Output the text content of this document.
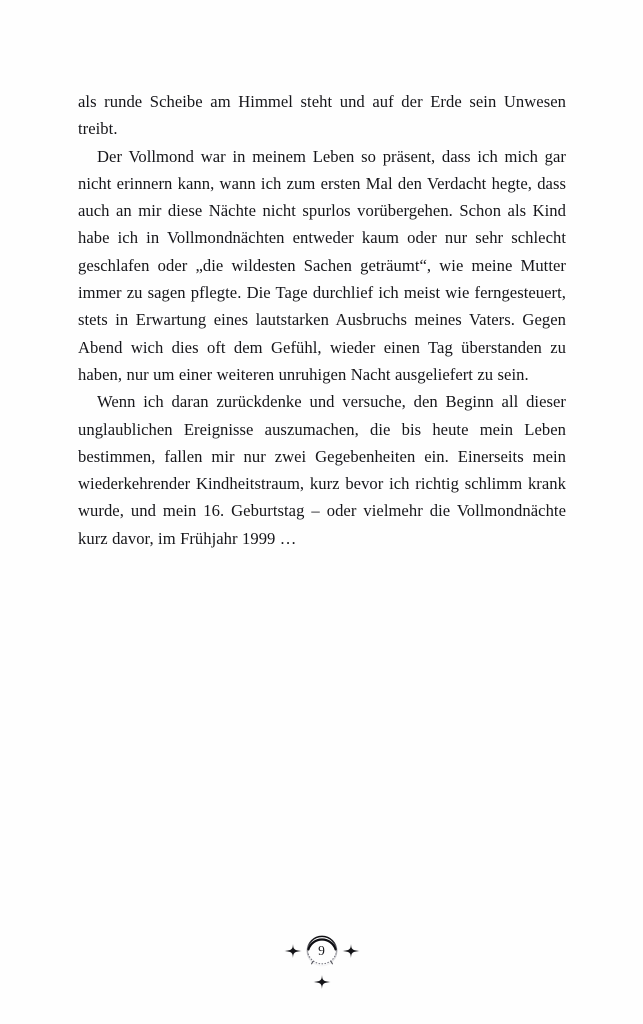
als runde Scheibe am Himmel steht und auf der Erde sein Unwesen treibt.

Der Vollmond war in meinem Leben so präsent, dass ich mich gar nicht erinnern kann, wann ich zum ersten Mal den Verdacht hegte, dass auch an mir diese Nächte nicht spurlos vorübergehen. Schon als Kind habe ich in Vollmondnächten entweder kaum oder nur sehr schlecht geschlafen oder „die wildesten Sachen geträumt“, wie meine Mutter immer zu sagen pflegte. Die Tage durchlief ich meist wie ferngesteuert, stets in Erwartung eines lautstarken Ausbruchs meines Vaters. Gegen Abend wich dies oft dem Gefühl, wieder einen Tag überstanden zu haben, nur um einer weiteren unruhigen Nacht ausgeliefert zu sein.

Wenn ich daran zurückdenke und versuche, den Beginn all dieser unglaublichen Ereignisse auszumachen, die bis heute mein Leben bestimmen, fallen mir nur zwei Gegebenheiten ein. Einerseits mein wiederkehrender Kindheitstraum, kurz bevor ich richtig schlimm krank wurde, und mein 16. Geburtstag – oder vielmehr die Vollmondnächte kurz davor, im Frühjahr 1999 …

9
